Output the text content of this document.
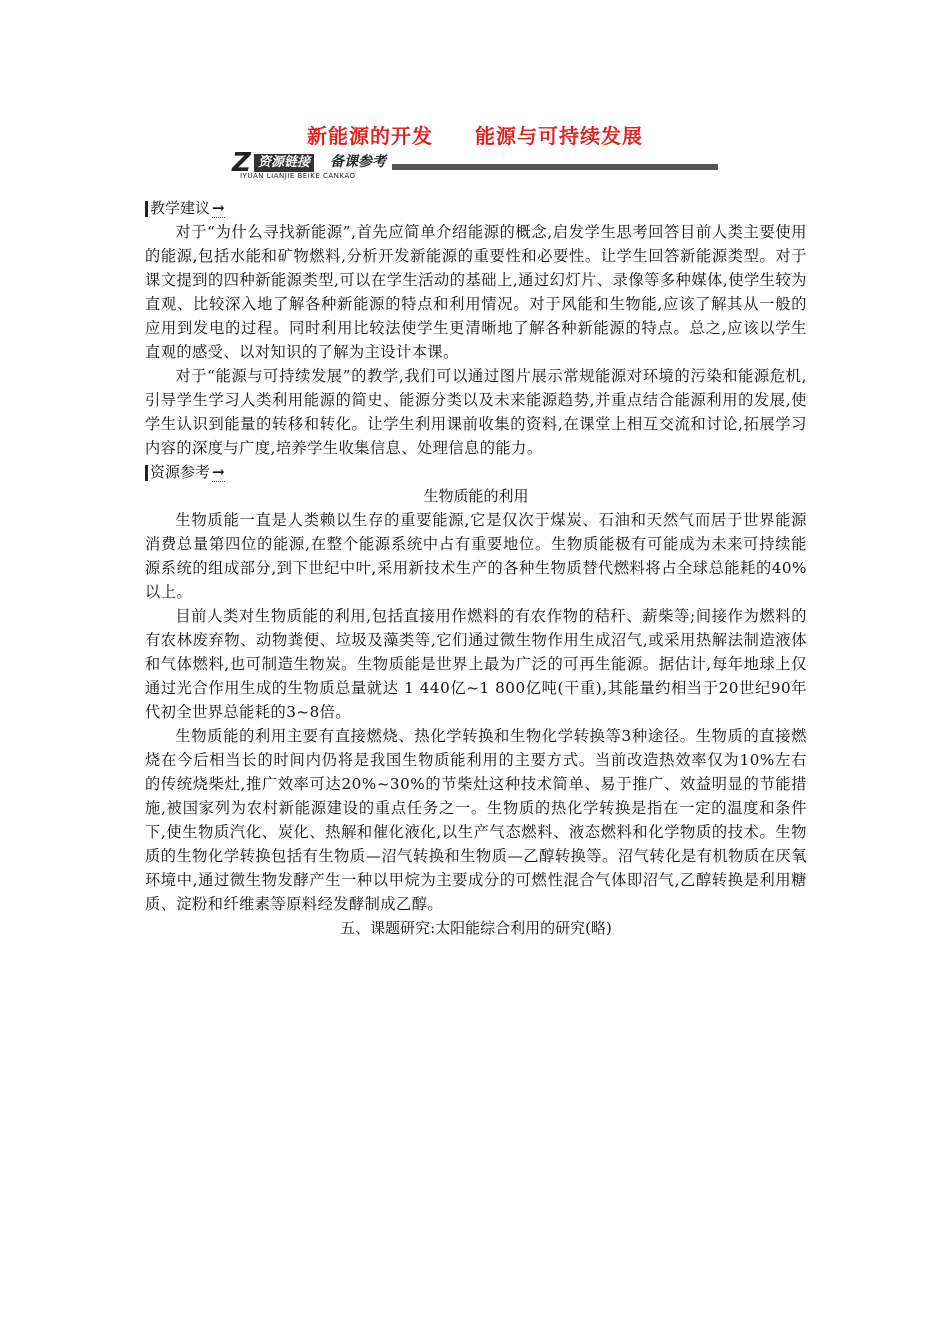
新能源的开发　　能源与可持续发展
Z 资源链接 备课参考
IYUAN LIANJIE BEIKE CANKAO
教学建议 →

对于“为什么寻找新能源”,首先应简单介绍能源的概念,启发学生思考回答目前人类主要使用的能源,包括水能和矿物燃料,分析开发新能源的重要性和必要性。让学生回答新能源类型。对于课文提到的四种新能源类型,可以在学生活动的基础上,通过幻灯片、录像等多种媒体,使学生较为直观、比较深入地了解各种新能源的特点和利用情况。对于风能和生物能,应该了解其从一般的应用到发电的过程。同时利用比较法使学生更清晰地了解各种新能源的特点。总之,应该以学生直观的感受、以对知识的了解为主设计本课。

对于“能源与可持续发展”的教学,我们可以通过图片展示常规能源对环境的污染和能源危机,引导学生学习人类利用能源的简史、能源分类以及未来能源趋势,并重点结合能源利用的发展,使学生认识到能量的转移和转化。让学生利用课前收集的资料,在课堂上相互交流和讨论,拓展学习内容的深度与广度,培养学生收集信息、处理信息的能力。

资源参考 →

生物质能的利用

生物质能一直是人类赖以生存的重要能源,它是仅次于煤炭、石油和天然气而居于世界能源消费总量第四位的能源,在整个能源系统中占有重要地位。生物质能极有可能成为未来可持续能源系统的组成部分,到下世纪中叶,采用新技术生产的各种生物质替代燃料将占全球总能耗的40%以上。

目前人类对生物质能的利用,包括直接用作燃料的有农作物的秸秆、薪柴等;间接作为燃料的有农林废弃物、动物粪便、垃圾及藻类等,它们通过微生物作用生成沼气,或采用热解法制造液体和气体燃料,也可制造生物炭。生物质能是世界上最为广泛的可再生能源。据估计,每年地球上仅通过光合作用生成的生物质总量就达 1 440亿~1 800亿吨(干重),其能量约相当于20世纪90年代初全世界总能耗的3~8倍。

生物质能的利用主要有直接燃烧、热化学转换和生物化学转换等3种途径。生物质的直接燃烧在今后相当长的时间内仍将是我国生物质能利用的主要方式。当前改造热效率仅为10%左右的传统烧柴灶,推广效率可达20%~30%的节柴灶这种技术简单、易于推广、效益明显的节能措施,被国家列为农村新能源建设的重点任务之一。生物质的热化学转换是指在一定的温度和条件下,使生物质汽化、炭化、热解和催化液化,以生产气态燃料、液态燃料和化学物质的技术。生物质的生物化学转换包括有生物质—沼气转换和生物质—乙醇转换等。沼气转化是有机物质在厌氧环境中,通过微生物发酵产生一种以甲烷为主要成分的可燃性混合气体即沼气,乙醇转换是利用糖质、淀粉和纤维素等原料经发酵制成乙醇。

五、课题研究:太阳能综合利用的研究(略)
